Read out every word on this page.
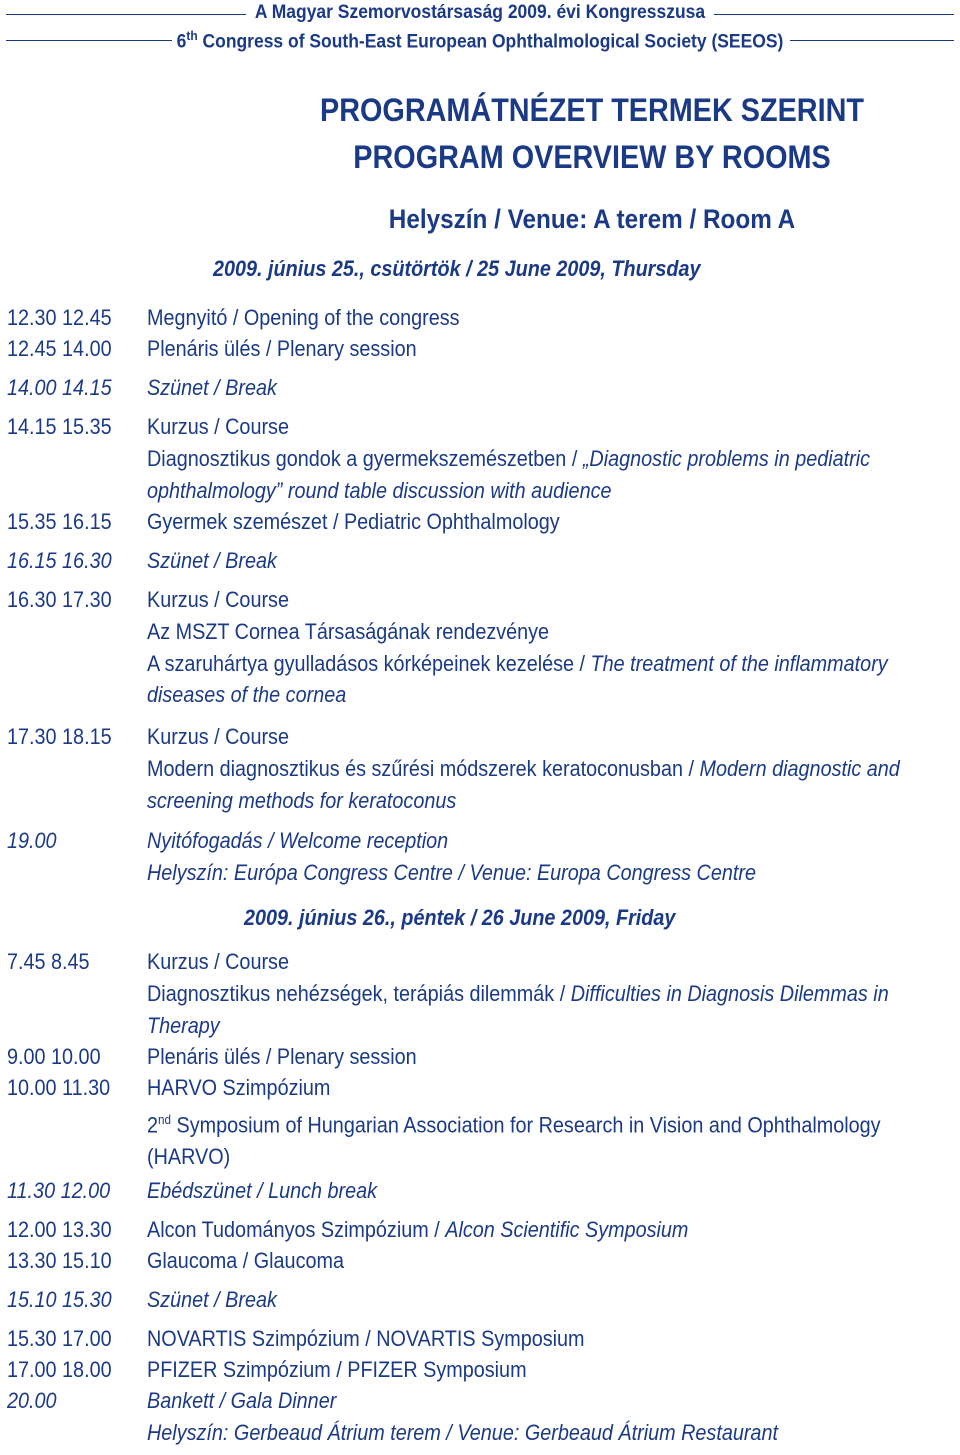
A Magyar Szemorvostársaság 2009. évi Kongresszusa
6th Congress of South-East European Ophthalmological Society (SEEOS)
PROGRAMÁTNÉZET TERMEK SZERINT
PROGRAM OVERVIEW BY ROOMS
Helyszín / Venue: A terem / Room A
2009. június 25., csütörtök / 25 June 2009, Thursday
12.30 12.45 Megnyitó / Opening of the congress
12.45 14.00 Plenáris ülés / Plenary session
14.00 14.15 Szünet / Break
14.15 15.35 Kurzus / Course
Diagnosztikus gondok a gyermekszemészetben / „Diagnostic problems in pediatric
ophthalmology” round table discussion with audience
15.35 16.15 Gyermek szemészet / Pediatric Ophthalmology
16.15 16.30 Szünet / Break
16.30 17.30 Kurzus / Course
Az MSZT Cornea Társaságának rendezvénye
A szaruhártya gyulladásos kórképeinek kezelése / The treatment of the inflammatory
diseases of the cornea
17.30 18.15 Kurzus / Course
Modern diagnosztikus és szűrési módszerek keratoconusban / Modern diagnostic and
screening methods for keratoconus
19.00	Nyitófogadás / Welcome reception
Helyszín: Európa Congress Centre / Venue: Europa Congress Centre
2009. június 26., péntek / 26 June 2009, Friday
7.45 8.45	Kurzus / Course
Diagnosztikus nehézségek, terápiás dilemmák / Difficulties in Diagnosis Dilemmas in
Therapy
9.00 10.00 Plenáris ülés / Plenary session
10.00 11.30 HARVO Szimpózium
2nd Symposium of Hungarian Association for Research in Vision and Ophthalmology
(HARVO)
11.30 12.00 Ebédszünet / Lunch break
12.00 13.30 Alcon Tudományos Szimpózium / Alcon Scientific Symposium
13.30 15.10 Glaucoma / Glaucoma
15.10 15.30 Szünet / Break
15.30 17.00 NOVARTIS Szimpózium / NOVARTIS Symposium
17.00 18.00 PFIZER Szimpózium / PFIZER Symposium
20.00	Bankett / Gala Dinner
Helyszín: Gerbeaud Átrium terem / Venue: Gerbeaud Átrium Restaurant
